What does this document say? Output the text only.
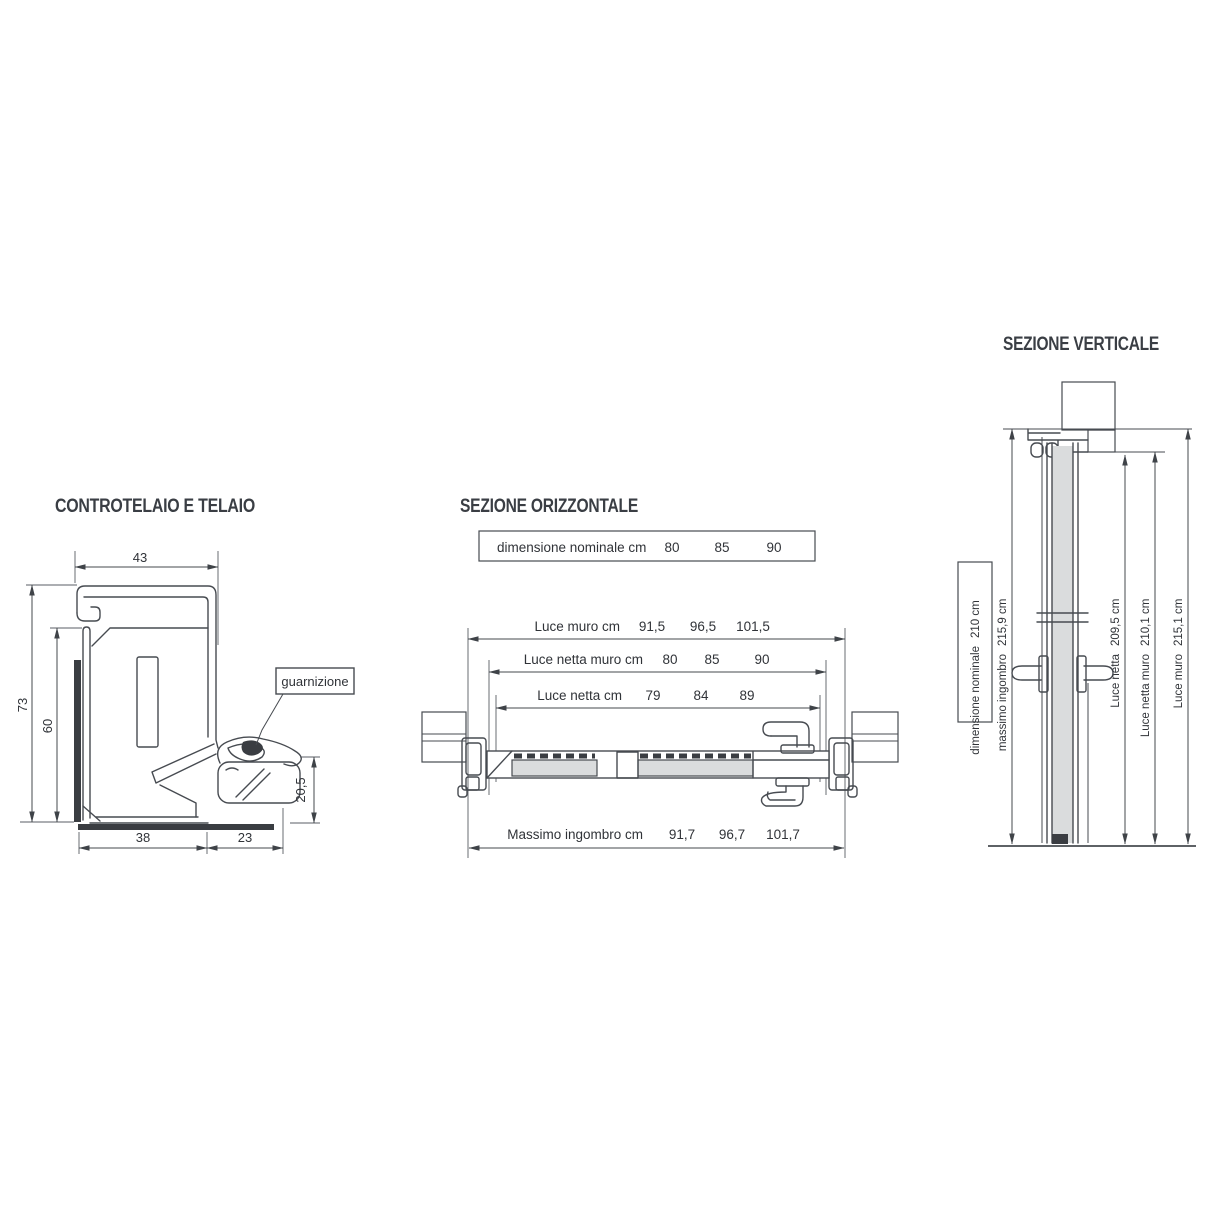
CONTROTELAIO E TELAIO
43
73
60
38	23
20,5
guarnizione
SEZIONE ORIZZONTALE
dimensione nominale cm 80	85	90
Luce muro cm 91,5 96,5 101,5
Luce netta muro cm 80 85	90
Luce netta cm 79 84 89
Massimo ingombro cm 91,7 96,7 101,7
SEZIONE VERTICALE
dimensione nominale
210 cm
massimo ingombro
215,9 cm
Luce netta
209,5 cm
Luce netta muro
210,1 cm
Luce muro
215,1 cm
